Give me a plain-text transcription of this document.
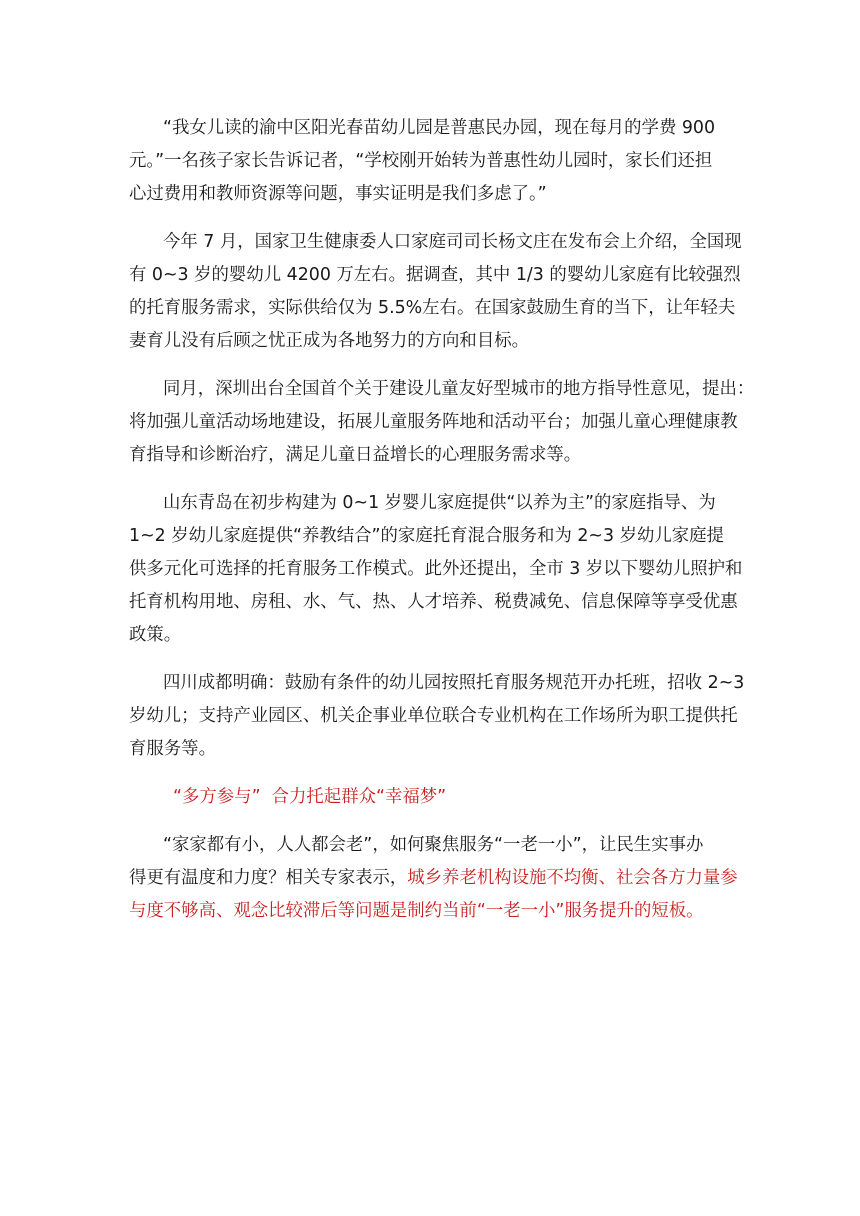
“我女儿读的渝中区阳光春苗幼儿园是普惠民办园，现在每月的学费 900
元。”一名孩子家长告诉记者，“学校刚开始转为普惠性幼儿园时，家长们还担
心过费用和教师资源等问题，事实证明是我们多虑了。”

今年 7 月，国家卫生健康委人口家庭司司长杨文庄在发布会上介绍，全国现
有 0~3 岁的婴幼儿 4200 万左右。据调查，其中 1/3 的婴幼儿家庭有比较强烈
的托育服务需求，实际供给仅为 5.5%左右。在国家鼓励生育的当下，让年轻夫
妻育儿没有后顾之忧正成为各地努力的方向和目标。

同月，深圳出台全国首个关于建设儿童友好型城市的地方指导性意见，提出：
将加强儿童活动场地建设，拓展儿童服务阵地和活动平台；加强儿童心理健康教
育指导和诊断治疗，满足儿童日益增长的心理服务需求等。

山东青岛在初步构建为 0~1 岁婴儿家庭提供“以养为主”的家庭指导、为
1~2 岁幼儿家庭提供“养教结合”的家庭托育混合服务和为 2~3 岁幼儿家庭提
供多元化可选择的托育服务工作模式。此外还提出，全市 3 岁以下婴幼儿照护和
托育机构用地、房租、水、气、热、人才培养、税费减免、信息保障等享受优惠
政策。

四川成都明确：鼓励有条件的幼儿园按照托育服务规范开办托班，招收 2~3
岁幼儿；支持产业园区、机关企事业单位联合专业机构在工作场所为职工提供托
育服务等。

“多方参与”  合力托起群众“幸福梦”

“家家都有小，人人都会老”，如何聚焦服务“一老一小”，让民生实事办
得更有温度和力度？相关专家表示，城乡养老机构设施不均衡、社会各方力量参
与度不够高、观念比较滞后等问题是制约当前“一老一小”服务提升的短板。
